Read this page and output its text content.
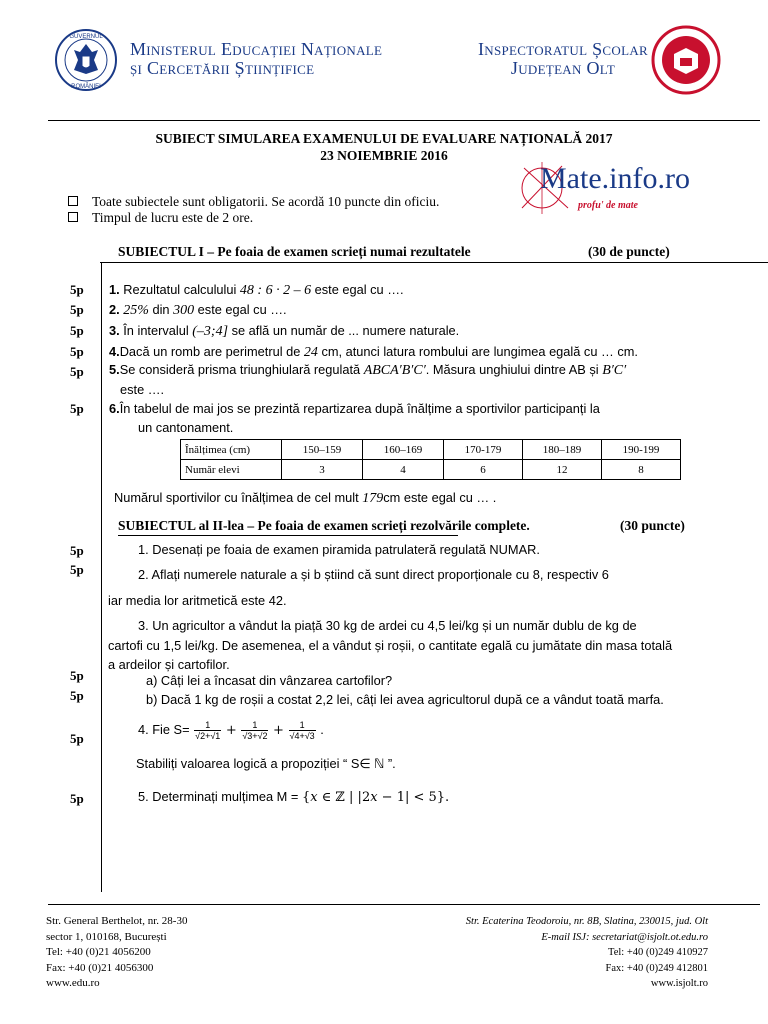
GUVERNUL
ROMÂNIEI
Ministerul Educației Naționale
și Cercetării Științifice
Inspectoratul Școlar
Județean Olt
SUBIECT SIMULAREA EXAMENULUI DE EVALUARE NAȚIONALĂ 2017
23 NOIEMBRIE 2016
Mate.info.ro
profu' de mate
Toate subiectele sunt obligatorii. Se acordă 10 puncte din oficiu.
Timpul de lucru este de 2 ore.
SUBIECTUL I – Pe foaia de examen scrieți numai rezultatele	(30 de puncte)
5p
5p
5p
5p
5p
5p
1. Rezultatul calculului 48 : 6 · 2 – 6 este egal cu ….
2. 25% din 300 este egal cu ….
3. În intervalul (–3;4] se află un număr de ... numere naturale.
4.Dacă un romb are perimetrul de 24 cm, atunci latura rombului are lungimea egală cu … cm.
5.Se consideră prisma triunghiulară regulată ABCA′B′C′. Măsura unghiului dintre AB și B′C′
este ….
6.În tabelul de mai jos se prezintă repartizarea după înălțime a sportivilor participanți la
un cantonament.
Înălțimea (cm)	150–159	160–169	170-179	180–189	190-199
Număr elevi	3	4	6	12	8
Numărul sportivilor cu înălțimea de cel mult 179cm este egal cu … .
SUBIECTUL al II-lea – Pe foaia de examen scrieți rezolvările complete.	(30 puncte)
5p
5p
5p
5p
5p
5p
1. Desenați pe foaia de examen piramida patrulateră regulată NUMAR.
2. Aflați numerele naturale a și b știind că sunt direct proporționale cu 8, respectiv 6
iar media lor aritmetică este 42.
3. Un agricultor a vândut la piață 30 kg de ardei cu 4,5 lei/kg și un număr dublu de kg de
cartofi cu 1,5 lei/kg. De asemenea, el a vândut și roșii, o cantitate egală cu jumătate din masa totală
a ardeilor și cartofilor.
a) Câți lei a încasat din vânzarea cartofilor?
b) Dacă 1 kg de roșii a costat 2,2 lei, câți lei avea agricultorul după ce a vândut toată marfa.
4. Fie $S= \frac{1}{√2+√1} + \frac{1}{√3+√2} + \frac{1}{√4+√3}$ .
Stabiliți valoarea logică a propoziției “ S∈ ℕ ”.
5. Determinați mulțimea M = {𝑥 ∈ ℤ | |2𝑥 − 1| < 5}.
Str. General Berthelot, nr. 28-30
sector 1, 010168, București
Tel: +40 (0)21 4056200
Fax: +40 (0)21 4056300
www.edu.ro
Str. Ecaterina Teodoroiu, nr. 8B, Slatina, 230015, jud. Olt
E-mail ISJ: secretariat@isjolt.ot.edu.ro
Tel: +40 (0)249 410927
Fax: +40 (0)249 412801
www.isjolt.ro
